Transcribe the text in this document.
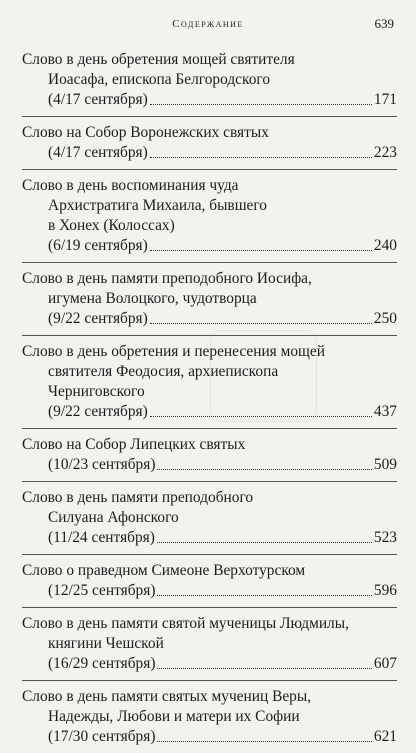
Содержание	639
Слово в день обретения мощей святителя
Иоасафа, епископа Белгородского
(4/17 сентября)	171
Слово на Собор Воронежских святых
(4/17 сентября)	223
Слово в день воспоминания чуда
Архистратига Михаила, бывшего
в Хонех (Колоссах)
(6/19 сентября)	240
Слово в день памяти преподобного Иосифа,
игумена Волоцкого, чудотворца
(9/22 сентября)	250
Слово в день обретения и перенесения мощей
святителя Феодосия, архиепископа
Черниговского
(9/22 сентября)	437
Слово на Собор Липецких святых
(10/23 сентября)	509
Слово в день памяти преподобного
Силуана Афонского
(11/24 сентября)	523
Слово о праведном Симеоне Верхотурском
(12/25 сентября)	596
Слово в день памяти святой мученицы Людмилы,
княгини Чешской
(16/29 сентября)	607
Слово в день памяти святых мучениц Веры,
Надежды, Любови и матери их Софии
(17/30 сентября)	621
